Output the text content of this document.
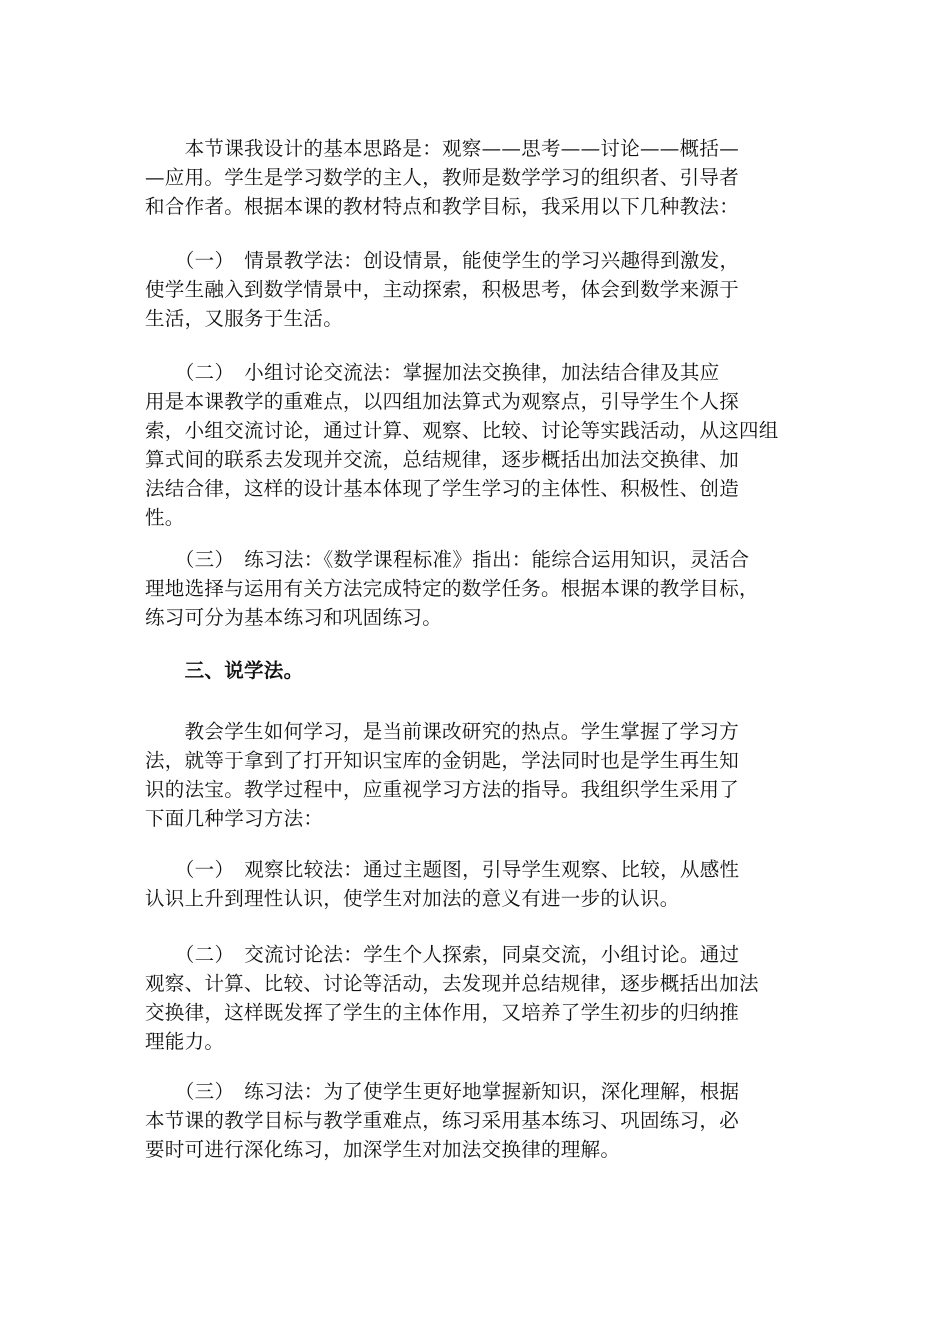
　　本节课我设计的基本思路是：观察——思考——讨论——概括—
—应用。学生是学习数学的主人，教师是数学学习的组织者、引导者
和合作者。根据本课的教材特点和教学目标，我采用以下几种教法：
　　（一）　情景教学法：创设情景，能使学生的学习兴趣得到激发，
使学生融入到数学情景中，主动探索，积极思考，体会到数学来源于
生活，又服务于生活。
　　（二）　小组讨论交流法：掌握加法交换律，加法结合律及其应
用是本课教学的重难点，以四组加法算式为观察点，引导学生个人探
索，小组交流讨论，通过计算、观察、比较、讨论等实践活动，从这四组
算式间的联系去发现并交流，总结规律，逐步概括出加法交换律、加
法结合律，这样的设计基本体现了学生学习的主体性、积极性、创造
性。
　　（三）　练习法：《数学课程标准》指出：能综合运用知识，灵活合
理地选择与运用有关方法完成特定的数学任务。根据本课的教学目标，
练习可分为基本练习和巩固练习。
　　三、说学法。
　　教会学生如何学习，是当前课改研究的热点。学生掌握了学习方
法，就等于拿到了打开知识宝库的金钥匙，学法同时也是学生再生知
识的法宝。教学过程中，应重视学习方法的指导。我组织学生采用了
下面几种学习方法：
　　（一）　观察比较法：通过主题图，引导学生观察、比较，从感性
认识上升到理性认识，使学生对加法的意义有进一步的认识。
　　（二）　交流讨论法：学生个人探索，同桌交流，小组讨论。通过
观察、计算、比较、讨论等活动，去发现并总结规律，逐步概括出加法
交换律，这样既发挥了学生的主体作用，又培养了学生初步的归纳推
理能力。
　　（三）　练习法：为了使学生更好地掌握新知识，深化理解，根据
本节课的教学目标与教学重难点，练习采用基本练习、巩固练习，必
要时可进行深化练习，加深学生对加法交换律的理解。
